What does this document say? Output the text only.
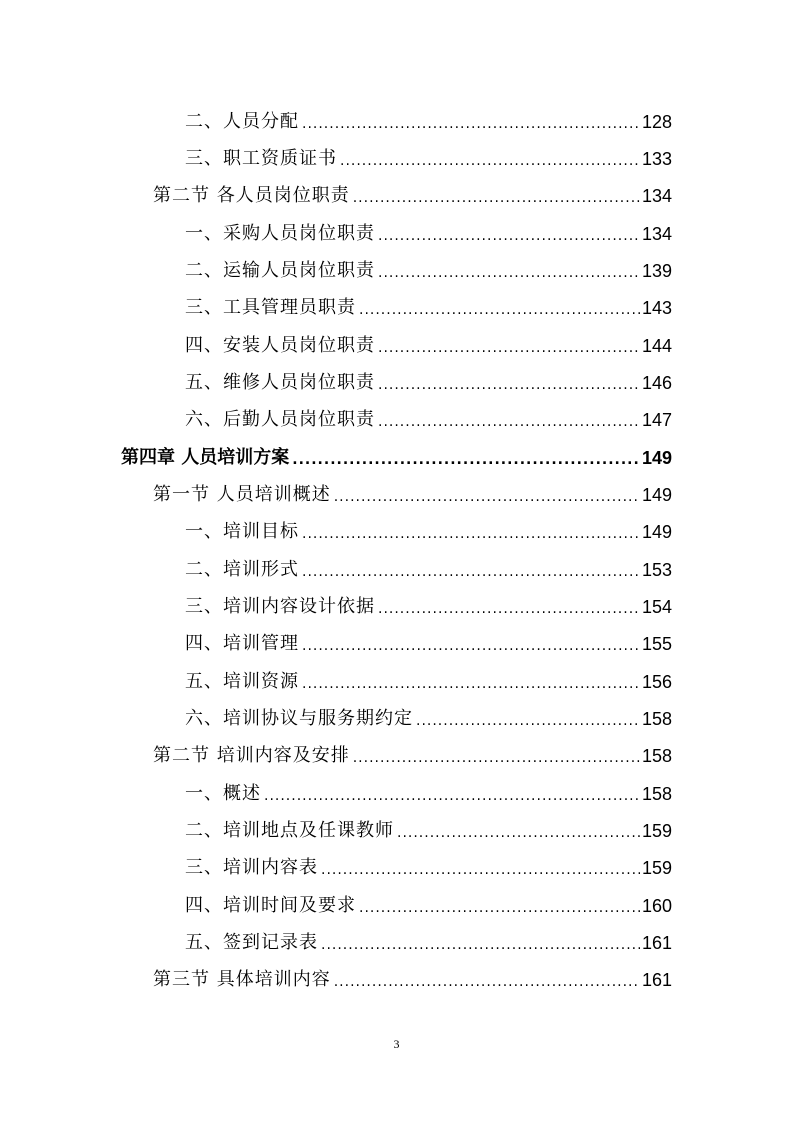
二、人员分配 .....	128
三、职工资质证书 .....	133
第二节 各人员岗位职责 .....	134
一、采购人员岗位职责 .....	134
二、运输人员岗位职责 .....	139
三、工具管理员职责 .....	143
四、安装人员岗位职责 .....	144
五、维修人员岗位职责 .....	146
六、后勤人员岗位职责 .....	147
第四章 人员培训方案 .....	149
第一节 人员培训概述 .....	149
一、培训目标 .....	149
二、培训形式 .....	153
三、培训内容设计依据 .....	154
四、培训管理 .....	155
五、培训资源 .....	156
六、培训协议与服务期约定 .....	158
第二节 培训内容及安排 .....	158
一、概述 .....	158
二、培训地点及任课教师 .....	159
三、培训内容表 .....	159
四、培训时间及要求 .....	160
五、签到记录表 .....	161
第三节 具体培训内容 .....	161
3
